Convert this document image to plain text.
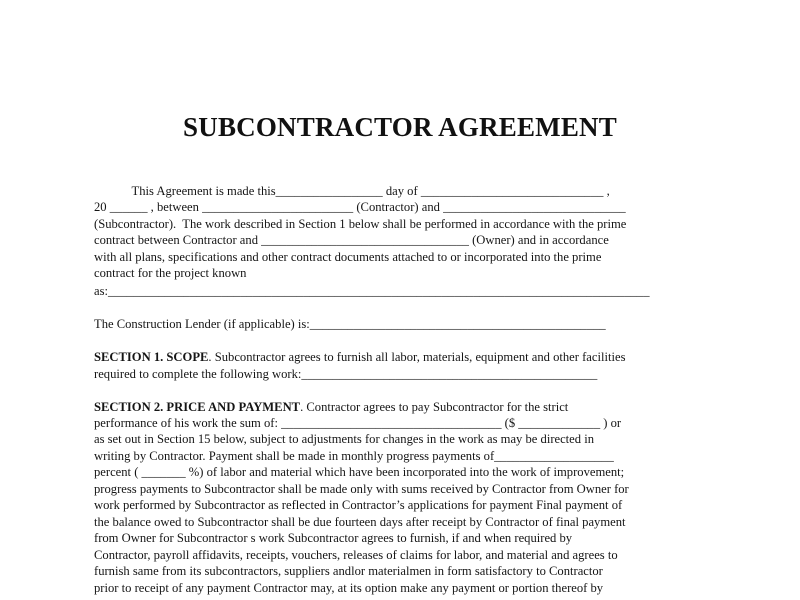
SUBCONTRACTOR AGREEMENT
This Agreement is made this_________________ day of _____________________________ ,
20 ______ , between ________________________ (Contractor) and _____________________________
(Subcontractor).  The work described in Section 1 below shall be performed in accordance with the prime
contract between Contractor and _________________________________ (Owner) and in accordance
with all plans, specifications and other contract documents attached to or incorporated into the prime
contract for the project known
as:______________________________________________________________________________________
The Construction Lender (if applicable) is:_______________________________________________
SECTION 1. SCOPE. Subcontractor agrees to furnish all labor, materials, equipment and other facilities
required to complete the following work:_______________________________________________
SECTION 2. PRICE AND PAYMENT. Contractor agrees to pay Subcontractor for the strict
performance of his work the sum of: ___________________________________ ($ _____________ ) or
as set out in Section 15 below, subject to adjustments for changes in the work as may be directed in
writing by Contractor. Payment shall be made in monthly progress payments of___________________
percent ( _______ %) of labor and material which have been incorporated into the work of improvement;
progress payments to Subcontractor shall be made only with sums received by Contractor from Owner for
work performed by Subcontractor as reflected in Contractor’s applications for payment Final payment of
the balance owed to Subcontractor shall be due fourteen days after receipt by Contractor of final payment
from Owner for Subcontractor s work Subcontractor agrees to furnish, if and when required by
Contractor, payroll affidavits, receipts, vouchers, releases of claims for labor, and material and agrees to
furnish same from its subcontractors, suppliers andlor materialmen in form satisfactory to Contractor
prior to receipt of any payment Contractor may, at its option make any payment or portion thereof by
